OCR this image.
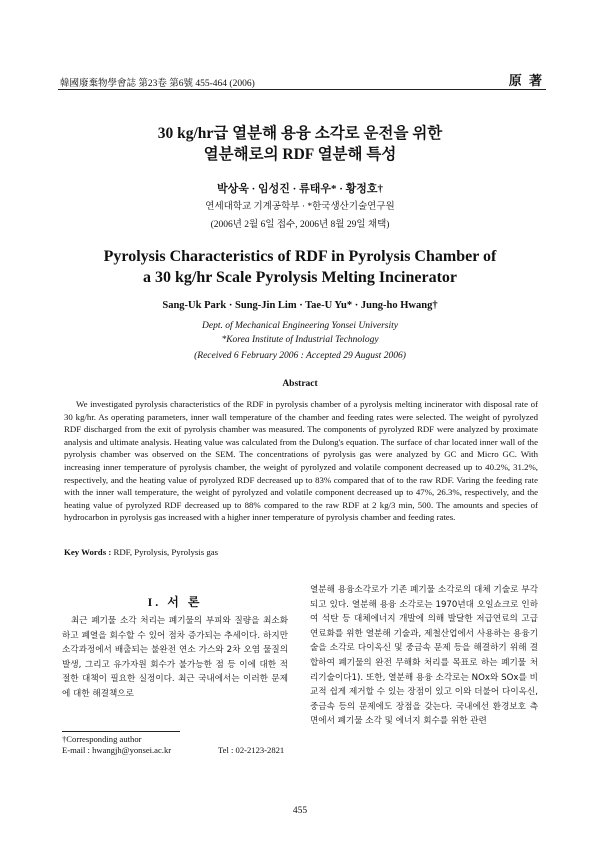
韓國廢棄物學會誌 第23卷 第6號 455-464 (2006)	原 著
30 kg/hr급 열분해 용융 소각로 운전을 위한
열분해로의 RDF 열분해 특성
박상욱 · 임성진 · 류태우* · 황정호†
연세대학교 기계공학부 · *한국생산기술연구원
(2006년 2월 6일 접수, 2006년 8월 29일 채택)
Pyrolysis Characteristics of RDF in Pyrolysis Chamber of
a 30 kg/hr Scale Pyrolysis Melting Incinerator
Sang-Uk Park · Sung-Jin Lim · Tae-U Yu* · Jung-ho Hwang†
Dept. of Mechanical Engineering Yonsei University
*Korea Institute of Industrial Technology
(Received 6 February 2006 : Accepted 29 August 2006)
Abstract

We investigated pyrolysis characteristics of the RDF in pyrolysis chamber of a pyrolysis melting incinerator with disposal rate of 30 kg/hr. As operating parameters, inner wall temperature of the chamber and feeding rates were selected. The weight of pyrolyzed RDF discharged from the exit of pyrolysis chamber was measured. The components of pyrolyzed RDF were analyzed by proximate analysis and ultimate analysis. Heating value was calculated from the Dulong's equation. The surface of char located inner wall of the pyrolysis chamber was observed on the SEM. The concentrations of pyrolysis gas were analyzed by GC and Micro GC. With increasing inner temperature of pyrolysis chamber, the weight of pyrolyzed and volatile component decreased up to 40.2%, 31.2%, respectively, and the heating value of pyrolyzed RDF decreased up to 83% compared that of to the raw RDF. Varing the feeding rate with the inner wall temperature, the weight of pyrolyzed and volatile component decreased up to 47%, 26.3%, respectively, and the heating value of pyrolyzed RDF decreased up to 88% compared to the raw RDF at 2 kg/3 min, 500. The amounts and species of hydrocarbon in pyrolysis gas increased with a higher inner temperature of pyrolysis chamber and feeding rates.

Key Words : RDF, Pyrolysis, Pyrolysis gas
I. 서 론

최근 폐기물 소각 처리는 폐기물의 부피와 질량을 최소화 하고 폐열을 회수할 수 있어 점차 증가되는 추세이다. 하지만 소각과정에서 배출되는 불완전 연소 가스와 2차 오염 물질의 발생, 그리고 유가자원 회수가 불가능한 점 등 이에 대한 적절한 대책이 필요한 실정이다. 최근 국내에서는 이러한 문제에 대한 해결책으로

열분해 용융소각로가 기존 폐기물 소각로의 대체 기술로 부각되고 있다. 열분해 용융 소각로는 1970년대 오일쇼크로 인하여 석탄 등 대체에너지 개발에 의해 발달한 저급연료의 고급연료화를 위한 열분해 기술과, 제철산업에서 사용하는 용융기술을 소각로 다이옥신 및 중금속 문제 등을 해결하기 위해 결합하여 폐기물의 완전 무해화 처리를 목표로 하는 폐기물 처리기술이다1). 또한, 열분해 용융 소각로는 NOx와 SOx를 비교적 쉽게 제거할 수 있는 장점이 있고 이와 더불어 다이옥신, 중금속 등의 문제에도 장점을 갖는다. 국내에선 환경보호 측면에서 폐기물 소각 및 에너지 회수를 위한 관련

†Corresponding author
E-mail : hwangjh@yonsei.ac.kr	Tel : 02-2123-2821
455
